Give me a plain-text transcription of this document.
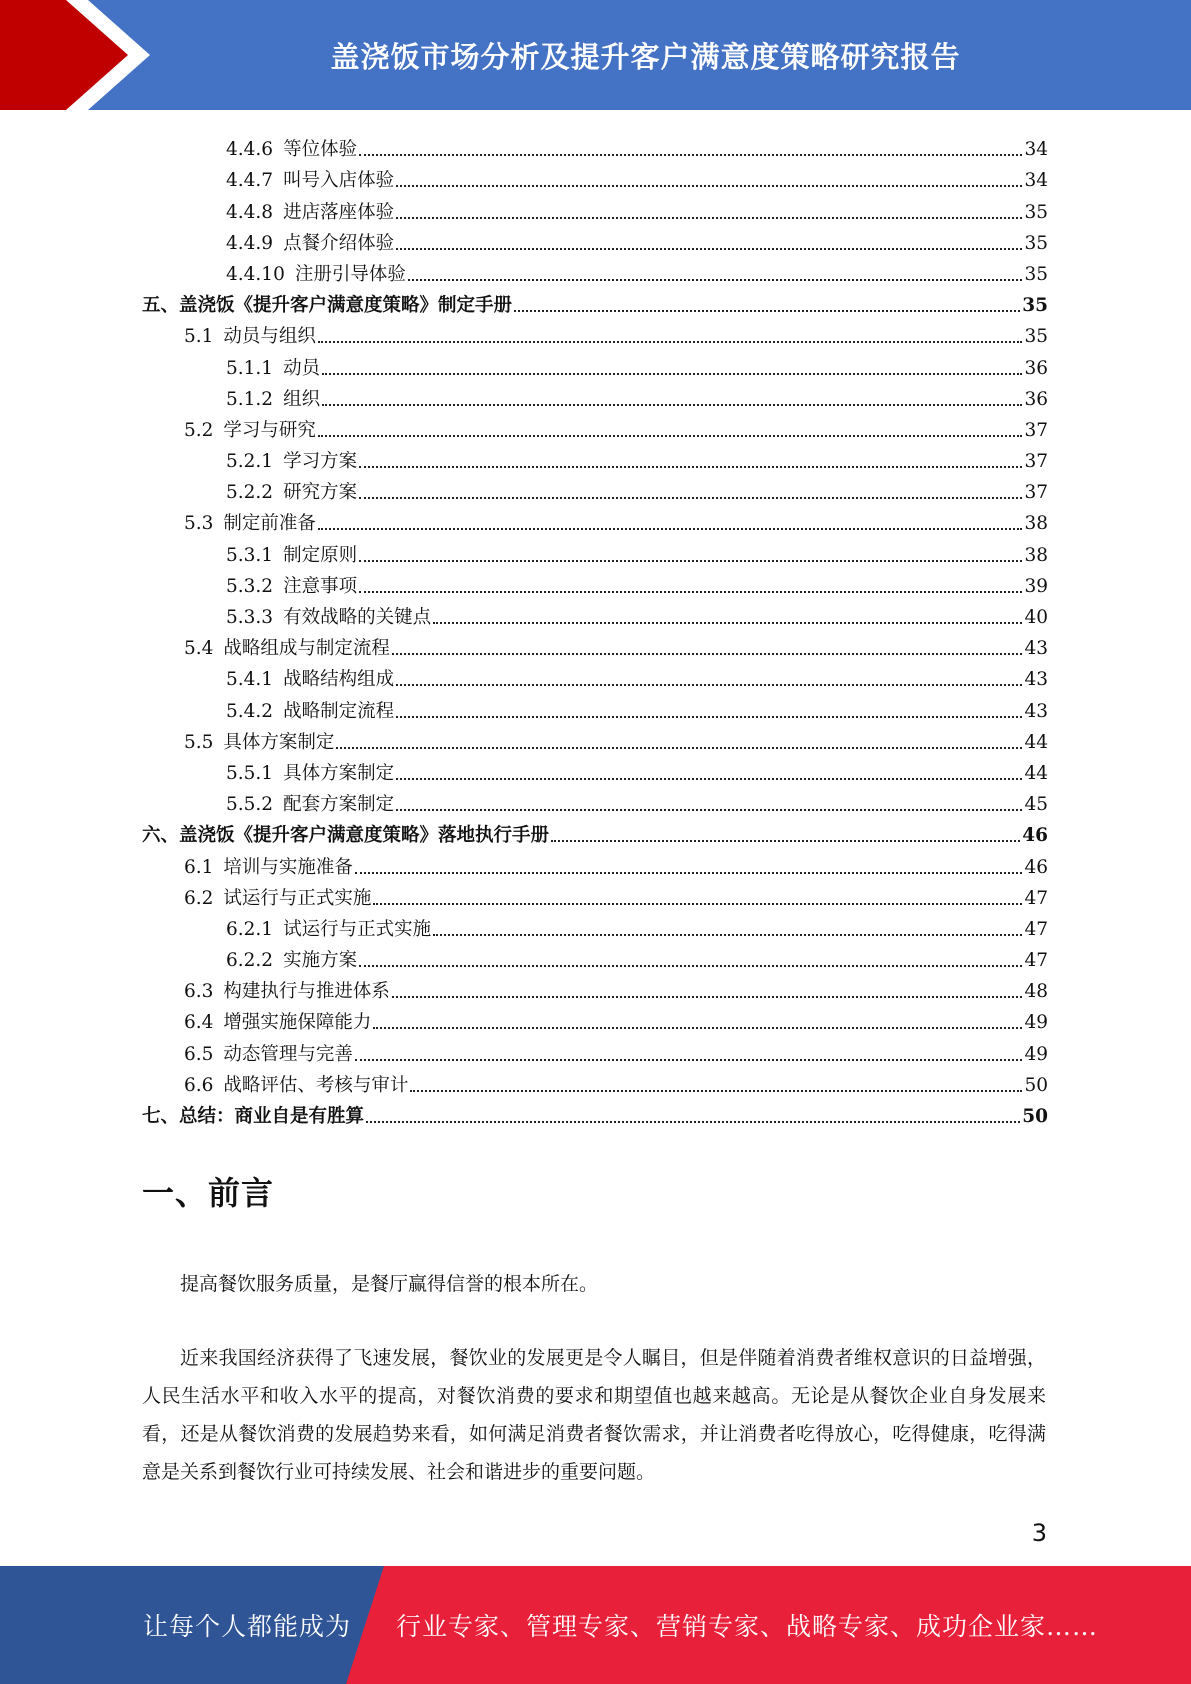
盖浇饭市场分析及提升客户满意度策略研究报告
4.4.6 等位体验	34
4.4.7 叫号入店体验	34
4.4.8 进店落座体验	35
4.4.9 点餐介绍体验	35
4.4.10 注册引导体验	35
五、盖浇饭《提升客户满意度策略》制定手册	35
5.1 动员与组织	35
5.1.1 动员	36
5.1.2 组织	36
5.2 学习与研究	37
5.2.1 学习方案	37
5.2.2 研究方案	37
5.3 制定前准备	38
5.3.1 制定原则	38
5.3.2 注意事项	39
5.3.3 有效战略的关键点	40
5.4 战略组成与制定流程	43
5.4.1 战略结构组成	43
5.4.2 战略制定流程	43
5.5 具体方案制定	44
5.5.1 具体方案制定	44
5.5.2 配套方案制定	45
六、盖浇饭《提升客户满意度策略》落地执行手册	46
6.1 培训与实施准备	46
6.2 试运行与正式实施	47
6.2.1 试运行与正式实施	47
6.2.2 实施方案	47
6.3 构建执行与推进体系	48
6.4 增强实施保障能力	49
6.5 动态管理与完善	49
6.6 战略评估、考核与审计	50
七、总结：商业自是有胜算	50
一、前言

提高餐饮服务质量，是餐厅赢得信誉的根本所在。

近来我国经济获得了飞速发展，餐饮业的发展更是令人瞩目，但是伴随着消费者维权意识的日益增强，人民生活水平和收入水平的提高，对餐饮消费的要求和期望值也越来越高。无论是从餐饮企业自身发展来看，还是从餐饮消费的发展趋势来看，如何满足消费者餐饮需求，并让消费者吃得放心，吃得健康，吃得满意是关系到餐饮行业可持续发展、社会和谐进步的重要问题。

3
让每个人都能成为 行业专家、管理专家、营销专家、战略专家、成功企业家……
